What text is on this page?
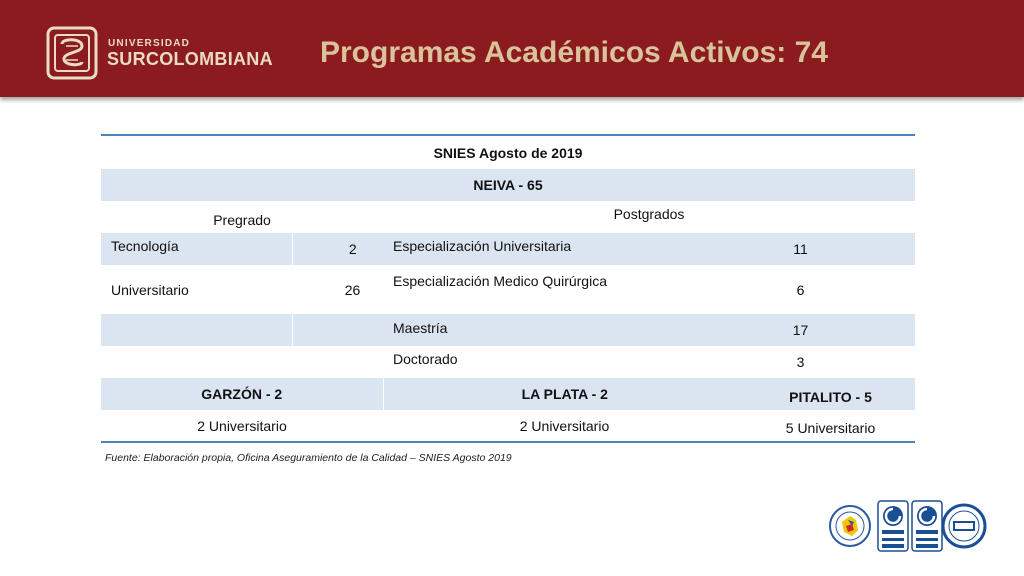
UNIVERSIDAD
SURCOLOMBIANA Programas Académicos Activos: 74
SNIES Agosto de 2019			
NEIVA - 65			
Pregrado		Postgrados	
Tecnología	2	Especialización Universitaria	11
Universitario	26	Especialización Medico Quirúrgica	6
		Maestría	17
		Doctorado	3
GARZÓN - 2		LA PLATA - 2	PITALITO - 5
2 Universitario		2 Universitario	5 Universitario
Fuente: Elaboración propia, Oficina Aseguramiento de la Calidad – SNIES Agosto 2019
